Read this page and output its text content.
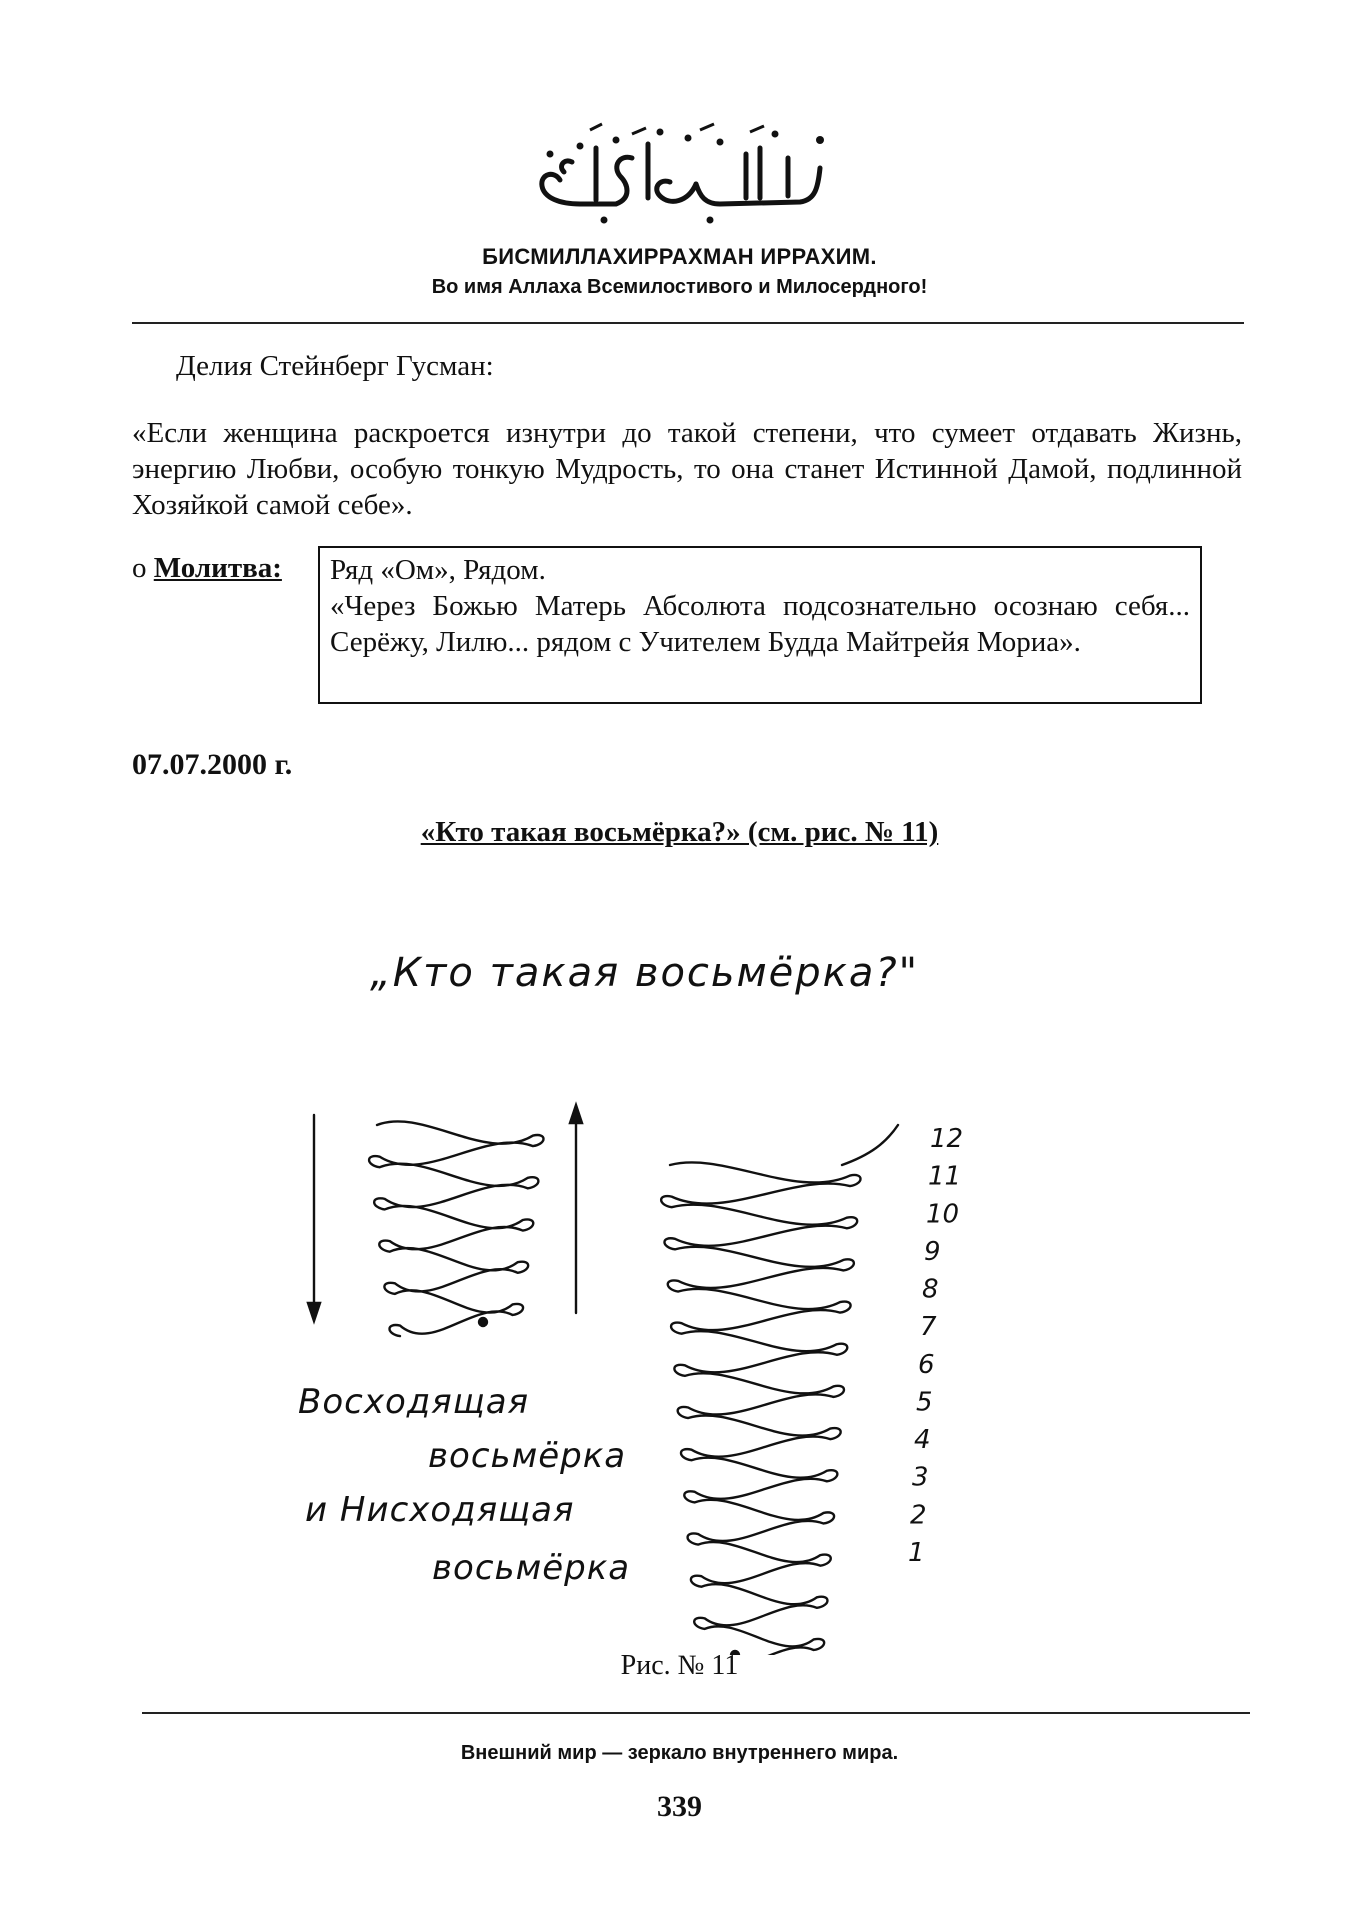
БИСМИЛЛАХИРРАХМАН ИРРАХИМ.
Во имя Аллаха Всемилостивого и Милосердного!
Делия Стейнберг Гусман:
«Если женщина раскроется изнутри до такой степени, что сумеет отдавать Жизнь, энергию Любви, особую тонкую Мудрость, то она станет Истинной Дамой, подлинной Хозяйкой самой себе».
o Молитва: Ряд «Ом», Рядом.

«Через Божью Матерь Абсолюта подсознательно осознаю себя... Серёжу, Лилю... рядом с Учителем Будда Майтрейя Мориа».

07.07.2000 г.
«Кто такая восьмёрка?» (см. рис. № 11)
„Кто такая восьмёрка?"
12
11
10
9
8
7
6
5
4
3
2
1
Восходящая
восьмёрка
и Нисходящая
восьмёрка
Рис. № 11
Внешний мир — зеркало внутреннего мира.
339
